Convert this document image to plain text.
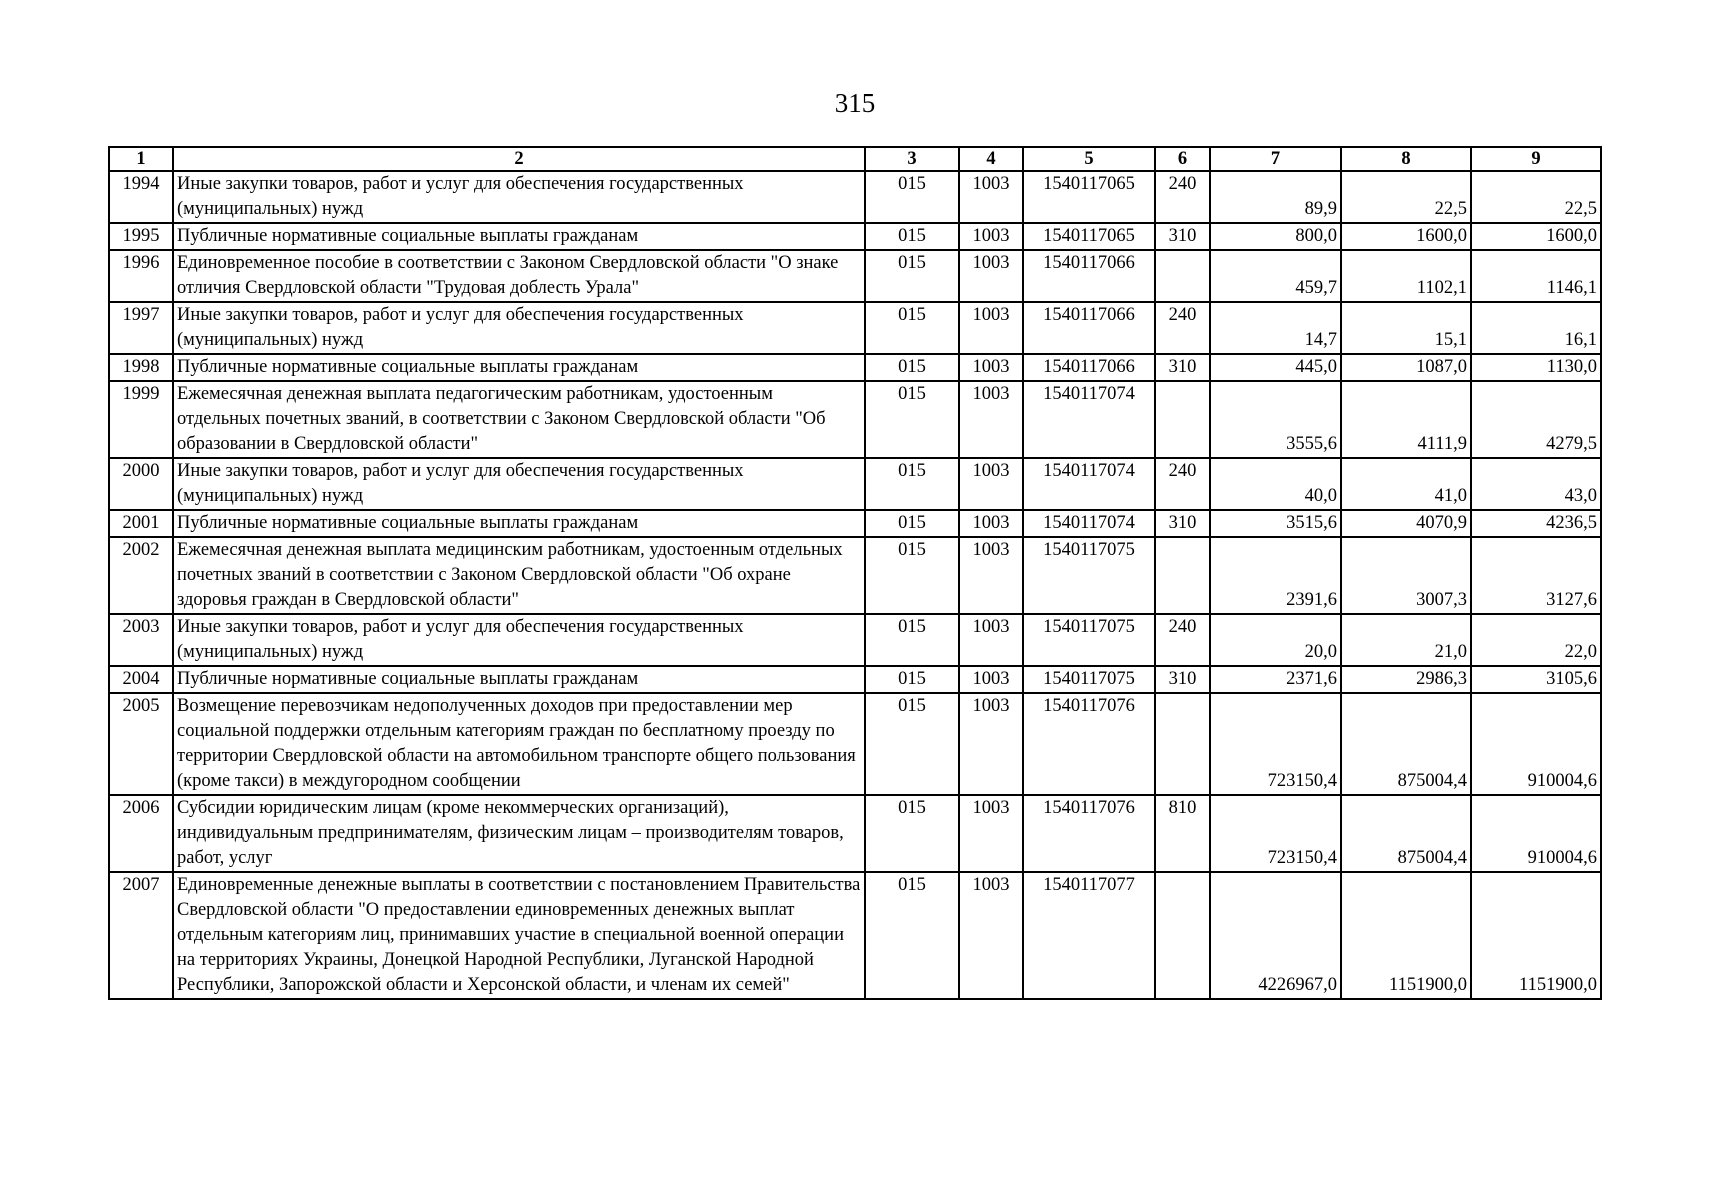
315
1	2	3	4	5	6	7	8	9
1994	Иные закупки товаров, работ и услуг для обеспечения государственных (муниципальных) нужд	015	1003	1540117065	240	89,9	22,5	22,5
1995	Публичные нормативные социальные выплаты гражданам	015	1003	1540117065	310	800,0	1600,0	1600,0
1996	Единовременное пособие в соответствии с Законом Свердловской области "О знаке отличия Свердловской области "Трудовая доблесть Урала"	015	1003	1540117066		459,7	1102,1	1146,1
1997	Иные закупки товаров, работ и услуг для обеспечения государственных (муниципальных) нужд	015	1003	1540117066	240	14,7	15,1	16,1
1998	Публичные нормативные социальные выплаты гражданам	015	1003	1540117066	310	445,0	1087,0	1130,0
1999	Ежемесячная денежная выплата педагогическим работникам, удостоенным отдельных почетных званий, в соответствии с Законом Свердловской области "Об образовании в Свердловской области"	015	1003	1540117074		3555,6	4111,9	4279,5
2000	Иные закупки товаров, работ и услуг для обеспечения государственных (муниципальных) нужд	015	1003	1540117074	240	40,0	41,0	43,0
2001	Публичные нормативные социальные выплаты гражданам	015	1003	1540117074	310	3515,6	4070,9	4236,5
2002	Ежемесячная денежная выплата медицинским работникам, удостоенным отдельных почетных званий в соответствии с Законом Свердловской области "Об охране здоровья граждан в Свердловской области"	015	1003	1540117075		2391,6	3007,3	3127,6
2003	Иные закупки товаров, работ и услуг для обеспечения государственных (муниципальных) нужд	015	1003	1540117075	240	20,0	21,0	22,0
2004	Публичные нормативные социальные выплаты гражданам	015	1003	1540117075	310	2371,6	2986,3	3105,6
2005	Возмещение перевозчикам недополученных доходов при предоставлении мер социальной поддержки отдельным категориям граждан по бесплатному проезду по территории Свердловской области на автомобильном транспорте общего пользования (кроме такси) в междугородном сообщении	015	1003	1540117076		723150,4	875004,4	910004,6
2006	Субсидии юридическим лицам (кроме некоммерческих организаций), индивидуальным предпринимателям, физическим лицам – производителям товаров, работ, услуг	015	1003	1540117076	810	723150,4	875004,4	910004,6
2007	Единовременные денежные выплаты в соответствии с постановлением Правительства Свердловской области "О предоставлении единовременных денежных выплат отдельным категориям лиц, принимавших участие в специальной военной операции на территориях Украины, Донецкой Народной Республики, Луганской Народной Республики, Запорожской области и Херсонской области, и членам их семей"	015	1003	1540117077		4226967,0	1151900,0	1151900,0
